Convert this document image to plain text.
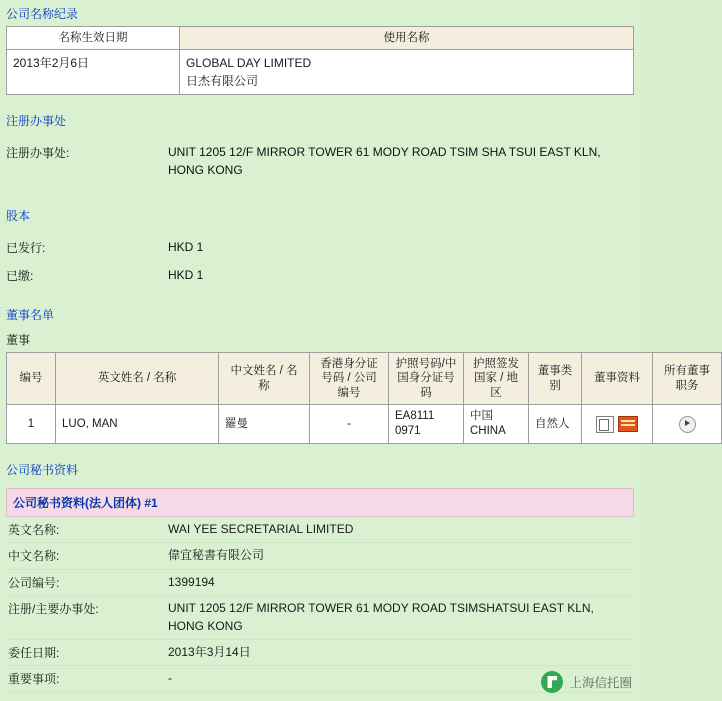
公司名称纪录
名称生效日期	使用名称
2013年2月6日	GLOBAL DAY LIMITED
日杰有限公司
注册办事处
注册办事处:	UNIT 1205 12/F MIRROR TOWER 61 MODY ROAD TSIM SHA TSUI EAST KLN, HONG KONG
股本
已发行:	HKD 1
已缴:	HKD 1
董事名单
董事
编号	英文姓名 / 名称	中文姓名 / 名称	香港身分证号码 / 公司编号	护照号码/中国身分证号码	护照签发国家 / 地区	董事类别	董事资料	所有董事职务
1	LUO, MAN	羅曼	-	EA8111 0971	中国 CHINA	自然人		
公司秘书资料
公司秘书资料(法人团体) #1
英文名称:	WAI YEE SECRETARIAL LIMITED
中文名称:	偉宜秘書有限公司
公司编号:	1399194
注册/主要办事处:	UNIT 1205 12/F MIRROR TOWER 61 MODY ROAD TSIMSHATSUI EAST KLN, HONG KONG
委任日期:	2013年3月14日
重要事项:	-	上海信托圈
